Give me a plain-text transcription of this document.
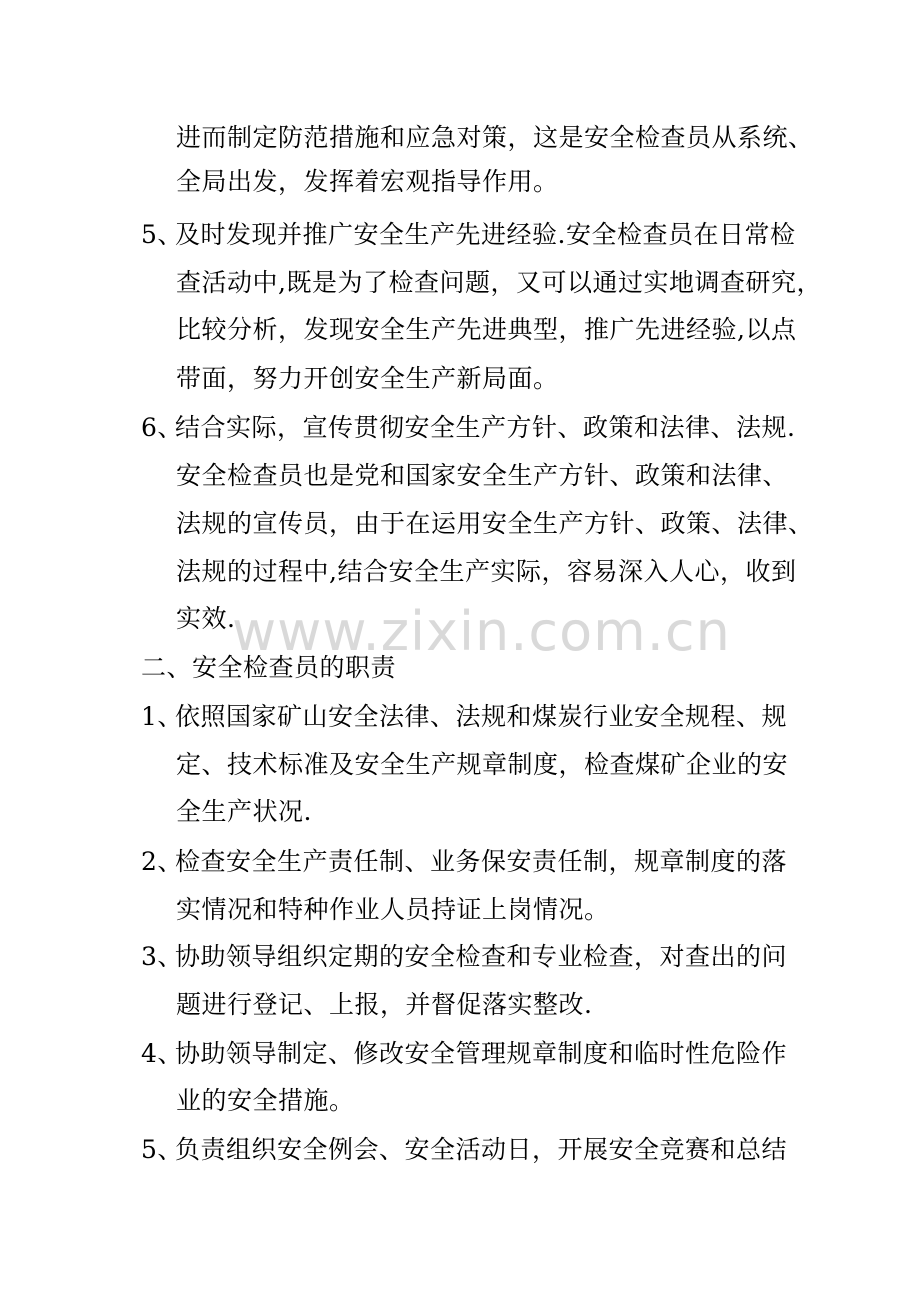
进而制定防范措施和应急对策，这是安全检查员从系统、
全局出发，发挥着宏观指导作用。
5、及时发现并推广安全生产先进经验.安全检查员在日常检
查活动中,既是为了检查问题，又可以通过实地调查研究，
比较分析，发现安全生产先进典型，推广先进经验,以点
带面，努力开创安全生产新局面。
6、结合实际，宣传贯彻安全生产方针、政策和法律、法规.
安全检查员也是党和国家安全生产方针、政策和法律、
法规的宣传员，由于在运用安全生产方针、政策、法律、
法规的过程中,结合安全生产实际，容易深入人心，收到
实效.
二、安全检查员的职责
1、依照国家矿山安全法律、法规和煤炭行业安全规程、规
定、技术标准及安全生产规章制度，检查煤矿企业的安
全生产状况.
2、检查安全生产责任制、业务保安责任制，规章制度的落
实情况和特种作业人员持证上岗情况。
3、协助领导组织定期的安全检查和专业检查，对查出的问
题进行登记、上报，并督促落实整改.
4、协助领导制定、修改安全管理规章制度和临时性危险作
业的安全措施。
5、负责组织安全例会、安全活动日，开展安全竞赛和总结
www.zixin.com.cn
